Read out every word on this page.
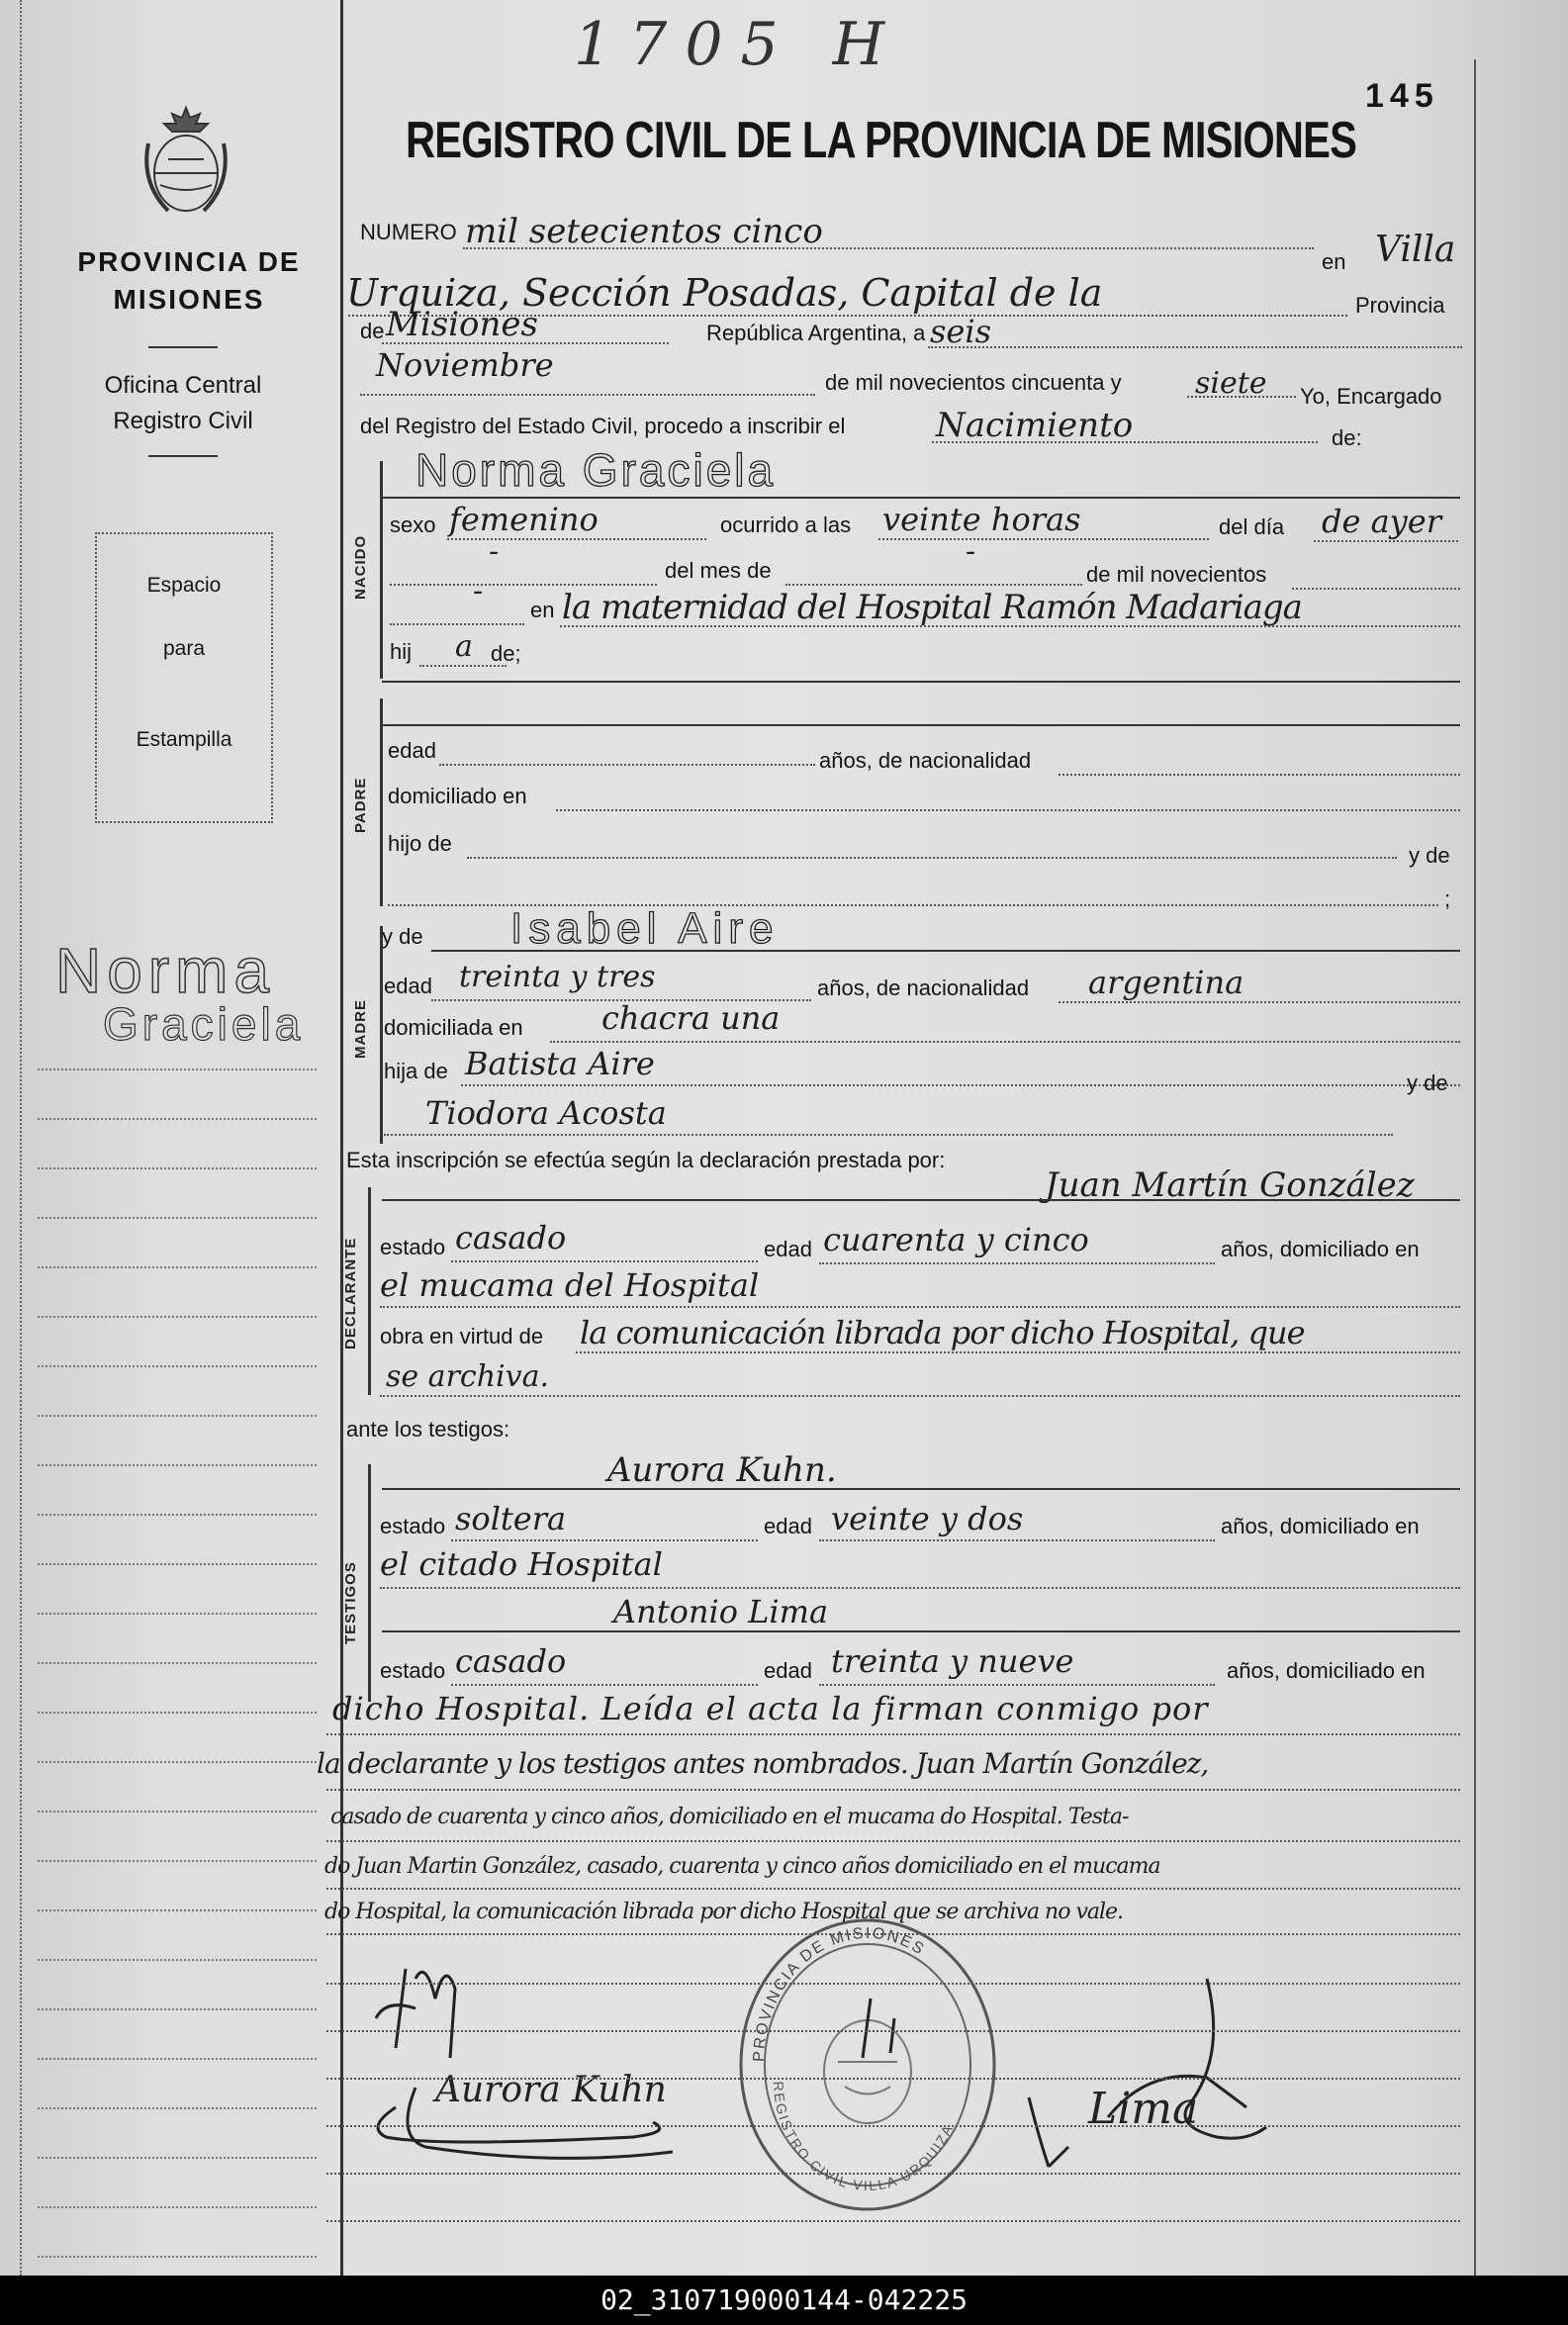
1705 H
145
REGISTRO CIVIL DE LA PROVINCIA DE MISIONES
PROVINCIA DE MISIONES
Oficina Central Registro Civil
Espacio
para
Estampilla
Norma
Graciela
NUMERO mil setecientos cinco
en Villa
Urquiza, Sección Posadas, Capital de la	Provincia
de Misiones	República Argentina, a seis
Noviembre	de mil novecientos cincuenta y siete Yo, Encargado
del Registro del Estado Civil, procedo a inscribir el	Nacimiento	de:
NACIDO
Norma Graciela
sexo femenino	ocurrido a las veinte horas	del día de ayer
-
del mes de
-
de mil novecientos
-
en la maternidad del Hospital Ramón Madariaga
hij a de;
PADRE
edad	años, de nacionalidad
domiciliado en
hijo de	y de
;
MADRE
y de Isabel Aire
edad treinta y tres	años, de nacionalidad argentina
domiciliada en chacra una
hija de Batista Aire
Tiodora Acosta
y de
Esta inscripción se efectúa según la declaración prestada por:
Juan Martín González
DECLARANTE estado casado	edad cuarenta y cinco	años, domiciliado en
el mucama del Hospital
obra en virtud de la comunicación librada por dicho Hospital, que
se archiva.
ante los testigos:
TESTIGOS
Aurora Kuhn.
estado soltera	edad veinte y dos	años, domiciliado en
el citado Hospital
Antonio Lima
estado casado	edad treinta y nueve	años, domiciliado en
dicho Hospital. Leída el acta la firman conmigo por
la declarante y los testigos antes nombrados. Juan Martín González,
casado de cuarenta y cinco años, domiciliado en el mucama do Hospital. Testa-
do Juan Martin González, casado, cuarenta y cinco años domiciliado en el mucama
do Hospital, la comunicación librada por dicho Hospital que se archiva no vale.
PROVINCIA DE MISIONES
REGISTRO CIVIL VILLA URQUIZA
Aurora Kuhn	Lima
02_310719000144-042225
